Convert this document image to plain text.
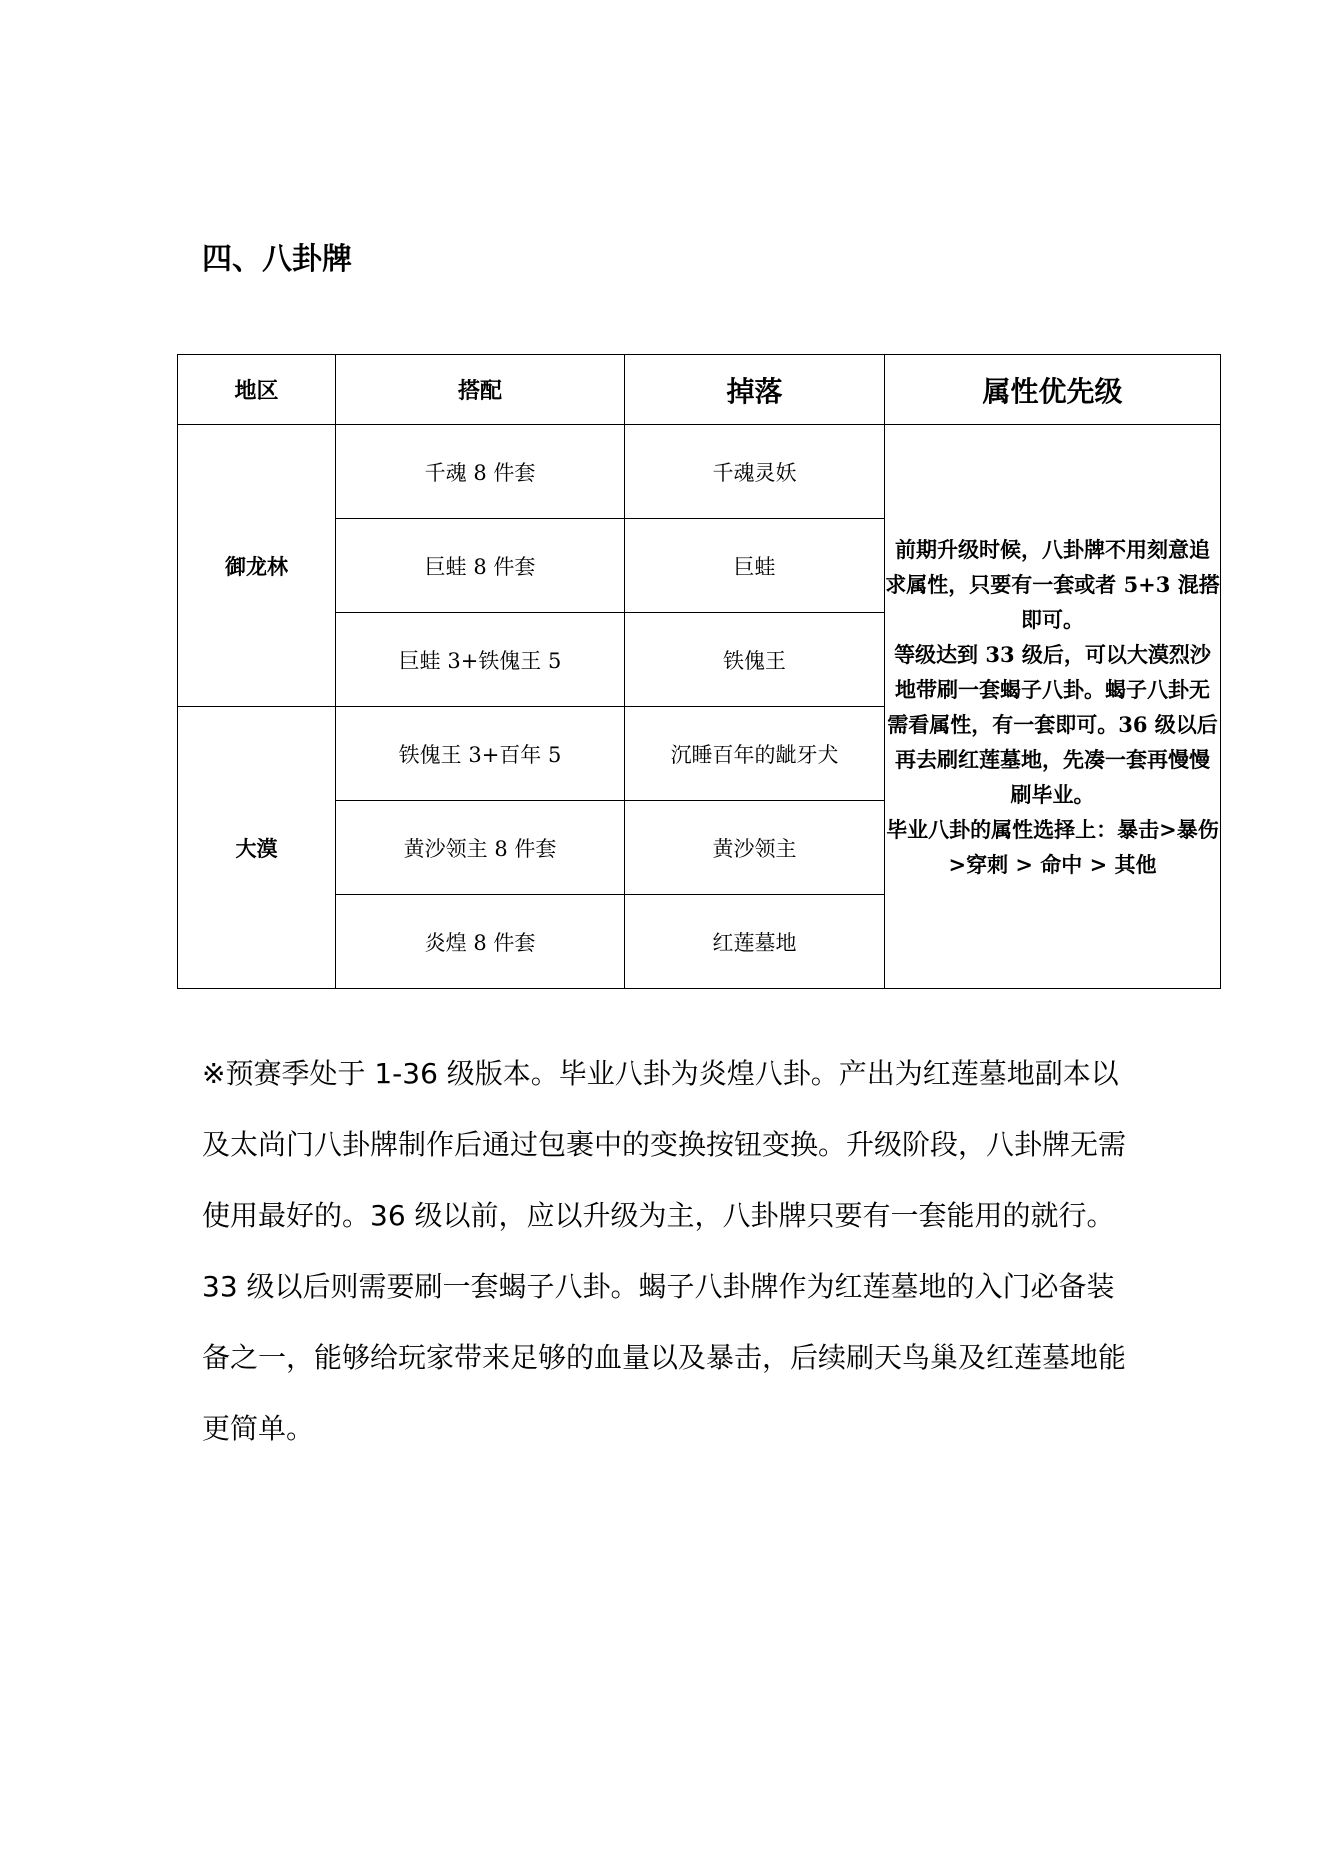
四、八卦牌
地区	搭配	掉落	属性优先级
御龙林	千魂 8 件套	千魂灵妖	前期升级时候，八卦牌不用刻意追求属性，只要有一套或者 5+3 混搭即可。

等级达到 33 级后，可以大漠烈沙地带刷一套蝎子八卦。蝎子八卦无需看属性，有一套即可。36 级以后再去刷红莲墓地，先凑一套再慢慢刷毕业。

毕业八卦的属性选择上：暴击>暴伤>穿刺 > 命中 > 其他

	巨蛙 8 件套	巨蛙	
	巨蛙 3+铁傀王 5	铁傀王	
大漠	铁傀王 3+百年 5	沉睡百年的龇牙犬	
	黄沙领主 8 件套	黄沙领主	
	炎煌 8 件套	红莲墓地	

※预赛季处于 1-36 级版本。毕业八卦为炎煌八卦。产出为红莲墓地副本以及太尚门八卦牌制作后通过包裹中的变换按钮变换。升级阶段，八卦牌无需使用最好的。36 级以前，应以升级为主，八卦牌只要有一套能用的就行。33 级以后则需要刷一套蝎子八卦。蝎子八卦牌作为红莲墓地的入门必备装备之一，能够给玩家带来足够的血量以及暴击，后续刷天鸟巢及红莲墓地能更简单。
